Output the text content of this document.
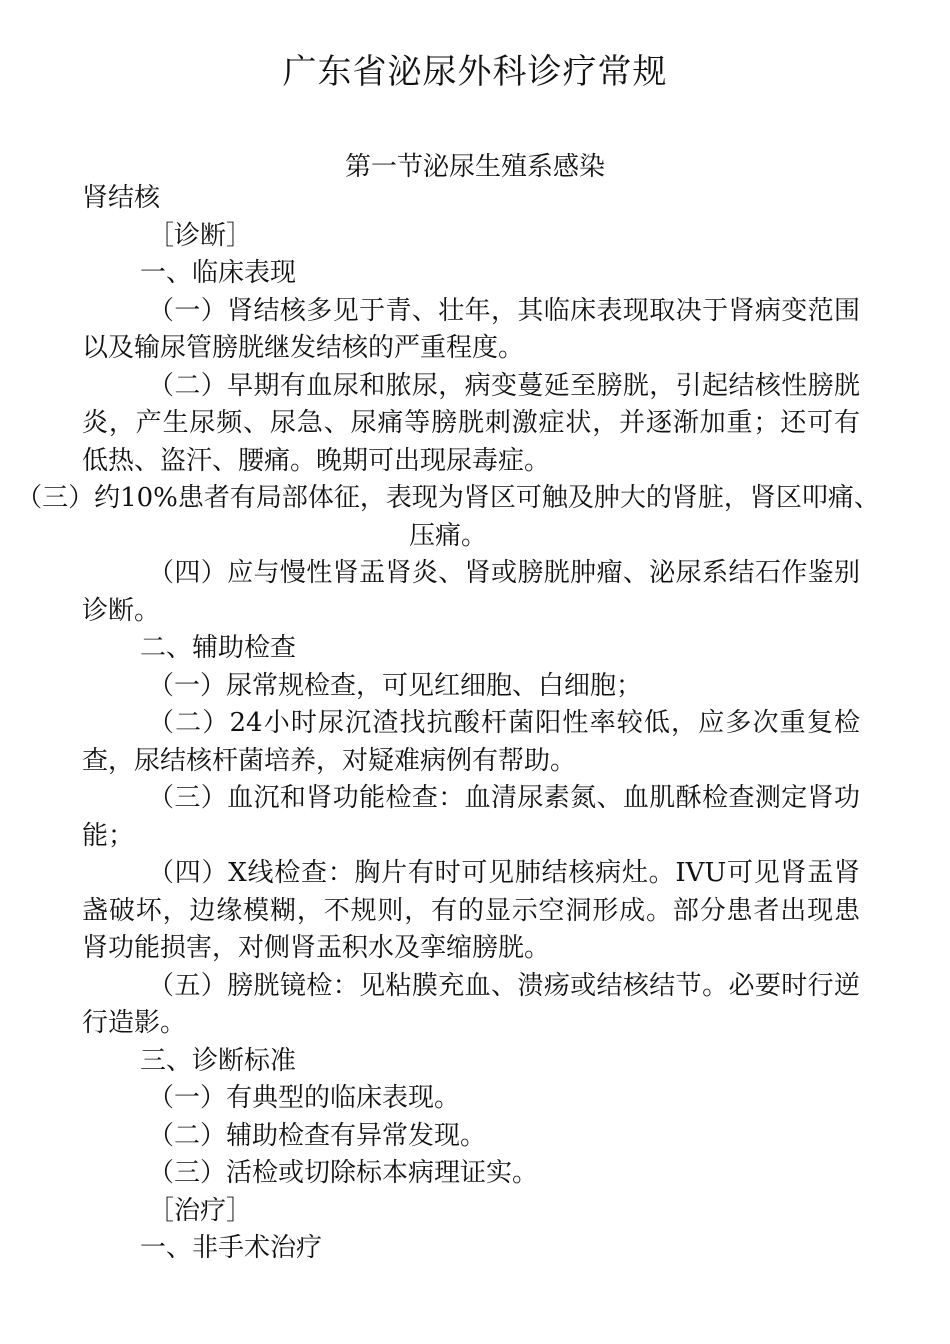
广东省泌尿外科诊疗常规
第一节泌尿生殖系感染

肾结核

［诊断］

一、临床表现

（一）肾结核多见于青、壮年，其临床表现取决于肾病变范围以及输尿管膀胱继发结核的严重程度。

（二）早期有血尿和脓尿，病变蔓延至膀胱，引起结核性膀胱炎，产生尿频、尿急、尿痛等膀胱刺激症状，并逐渐加重；还可有低热、盗汗、腰痛。晚期可出现尿毒症。

（三）约10%患者有局部体征，表现为肾区可触及肿大的肾脏，肾区叩痛、压痛。

（四）应与慢性肾盂肾炎、肾或膀胱肿瘤、泌尿系结石作鉴别诊断。

二、辅助检查

（一）尿常规检查，可见红细胞、白细胞；

（二）24小时尿沉渣找抗酸杆菌阳性率较低，应多次重复检查，尿结核杆菌培养，对疑难病例有帮助。

（三）血沉和肾功能检查：血清尿素氮、血肌酥检查测定肾功能；

（四）X线检查：胸片有时可见肺结核病灶。IVU可见肾盂肾盏破坏，边缘模糊，不规则，有的显示空洞形成。部分患者出现患肾功能损害，对侧肾盂积水及挛缩膀胱。

（五）膀胱镜检：见粘膜充血、溃疡或结核结节。必要时行逆行造影。

三、诊断标准

（一）有典型的临床表现。

（二）辅助检查有异常发现。

（三）活检或切除标本病理证实。

［治疗］

一、非手术治疗
